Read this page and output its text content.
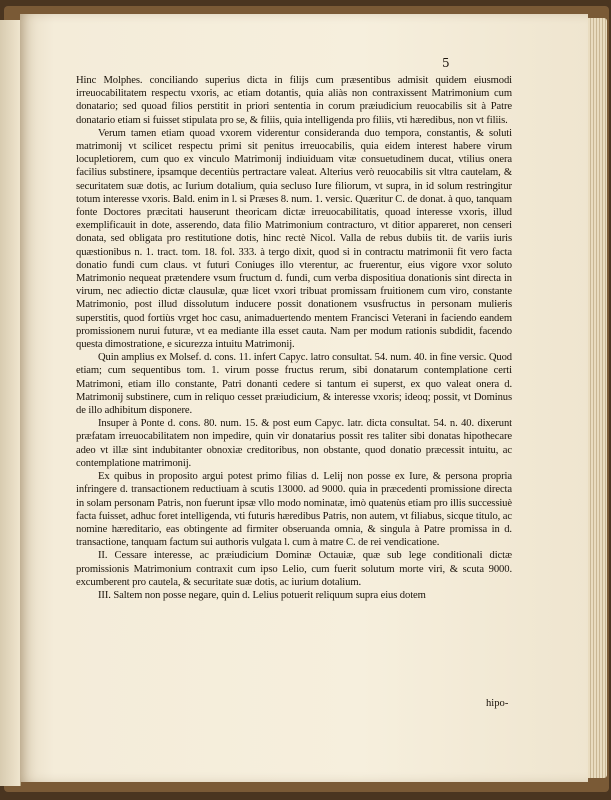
5

Hinc Molphes. conciliando superius dicta in filijs cum præsentibus admisit quidem eiusmodi irreuocabilitatem respectu vxoris, ac etiam dotantis, quia aliàs non contraxissent Matrimonium cum donatario; sed quoad filios perstitit in priori sententia in corum præiudicium reuocabilis sit à Patre donatario etiam si fuisset stipulata pro se, & filiis, quia intelligenda pro filiis, vti hæredibus, non vt filiis.

Verum tamen etiam quoad vxorem viderentur consideranda duo tempora, constantis, & soluti matrimonij vt scilicet respectu primi sit penitus irreuocabilis, quia eidem interest habere virum locupletiorem, cum quo ex vinculo Matrimonij indiuiduam vitæ consuetudinem ducat, vtilius onera facilius substinere, ipsamque decentiùs pertractare valeat. Alterius verò reuocabilis sit vltra cautelam, & securitatem suæ dotis, ac Iurium dotalium, quia secluso Iure filiorum, vt supra, in id solum restringitur totum interesse vxoris. Bald. enim in l. si Præses 8. num. 1. versic. Quæritur C. de donat. à quo, tanquam fonte Doctores præcitati hauserunt theoricam dictæ irreuocabilitatis, quoad interesse vxoris, illud exemplificauit in dote, asserendo, data filio Matrimonium contracturo, vt ditior appareret, non censeri donata, sed obligata pro restitutione dotis, hinc rectè Nicol. Valla de rebus dubiis tit. de variis iuris quæstionibus n. 1. tract. tom. 18. fol. 333. à tergo dixit, quod si in contractu matrimonii fit vero facta donatio fundi cum claus. vt futuri Coniuges illo vterentur, ac fruerentur, eius vigore vxor soluto Matrimonio nequeat prætendere vsum fructum d. fundi, cum verba dispositiua donationis sint directa in virum, nec adiectio dictæ clausulæ, quæ licet vxori tribuat promissam fruitionem cum viro, constante Matrimonio, post illud dissolutum inducere possit donationem vsusfructus in personam mulieris superstitis, quod fortiùs vrget hoc casu, animaduertendo mentem Francisci Veterani in faciendo eandem promissionem nurui futuræ, vt ea mediante illa esset cauta. Nam per modum rationis subdidit, facendo questa dimostratione, e sicurezza intuitu Matrimonij.

Quin amplius ex Molsef. d. cons. 11. infert Capyc. latro consultat. 54. num. 40. in fine versic. Quod etiam; cum sequentibus tom. 1. virum posse fructus rerum, sibi donatarum contemplatione certi Matrimoni, etiam illo constante, Patri donanti cedere si tantum ei superst, ex quo valeat onera d. Matrimonij substinere, cum in reliquo cesset præiudicium, & interesse vxoris; ideoq; possit, vt Dominus de illo adhibitum disponere.

Insuper à Ponte d. cons. 80. num. 15. & post eum Capyc. latr. dicta consultat. 54. n. 40. dixerunt præfatam irreuocabilitatem non impedire, quin vir donatarius possit res taliter sibi donatas hipothecare adeo vt illæ sint indubitanter obnoxiæ creditoribus, non obstante, quod donatio præcessit intuitu, ac contemplatione matrimonij.

Ex quibus in proposito argui potest primo filias d. Lelij non posse ex Iure, & persona propria infringere d. transactionem reductiuam à scutis 13000. ad 9000. quia in præcedenti promissione directa in solam personam Patris, non fuerunt ipsæ vllo modo nominatæ, imò quatenùs etiam pro illis successiuè facta fuisset, adhuc foret intelligenda, vti futuris hæredibus Patris, non autem, vt filiabus, sicque titulo, ac nomine hæreditario, eas obtingente ad firmiter obseruanda omnia, & singula à Patre promissa in d. transactione, tanquam factum sui authoris vulgata l. cum à matre C. de rei vendicatione.

II. Cessare interesse, ac præiudicium Dominæ Octauiæ, quæ sub lege conditionali dictæ promissionis Matrimonium contraxit cum ipso Lelio, cum fuerit solutum morte viri, & scuta 9000. excumberent pro cautela, & securitate suæ dotis, ac iurium dotalium.

III. Saltem non posse negare, quin d. Lelius potuerit reliquum supra eius dotem

hipo-
